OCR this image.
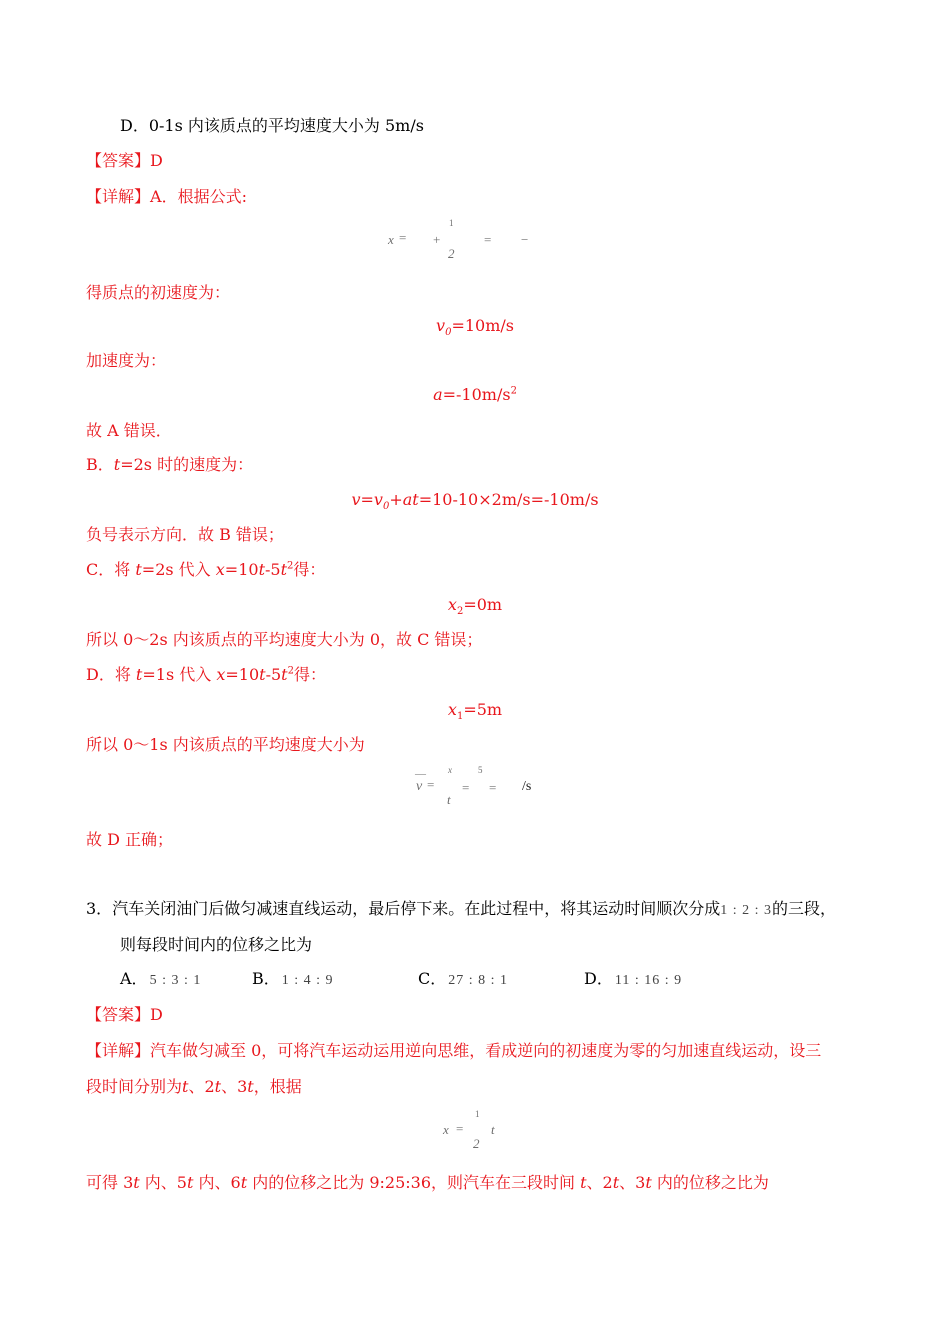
D．0-1s 内该质点的平均速度大小为 5m/s
【答案】D
【详解】A．根据公式:
x = +
1
2
= −
得质点的初速度为：
$v_0=10m/s$
加速度为：
$a=-10m/s^2$
故 A 错误．
B．t=2s 时的速度为：
$v=v_0+at=10-10\times 2m/s=-10m/s$
负号表示方向．故 B 错误；
C．将 t=2s 代入 $x=10t-5t^2$得：
$x_2=0m$
所以 0～2s 内该质点的平均速度大小为 0，故 C 错误；
D．将 t=1s 代入 $x=10t-5t^2$得：
$x_1=5m$
所以 0～1s 内该质点的平均速度大小为
—
v =
x
t
=
5
= /s
故 D 正确；
3．汽车关闭油门后做匀减速直线运动，最后停下来。在此过程中，将其运动时间顺次分成1 : 2 : 3的三段，
则每段时间内的位移之比为
A． 5 : 3 : 1	B． 1 : 4 : 9	C． 27 : 8 : 1	D． 11 : 16 : 9
【答案】D
【详解】汽车做匀减至 0，可将汽车运动运用逆向思维，看成逆向的初速度为零的匀加速直线运动，设三
段时间分别为t、2t、3t，根据
x =
1
2
t
可得 3t 内、5t 内、6t 内的位移之比为 9:25:36，则汽车在三段时间 t、2t、3t 内的位移之比为
